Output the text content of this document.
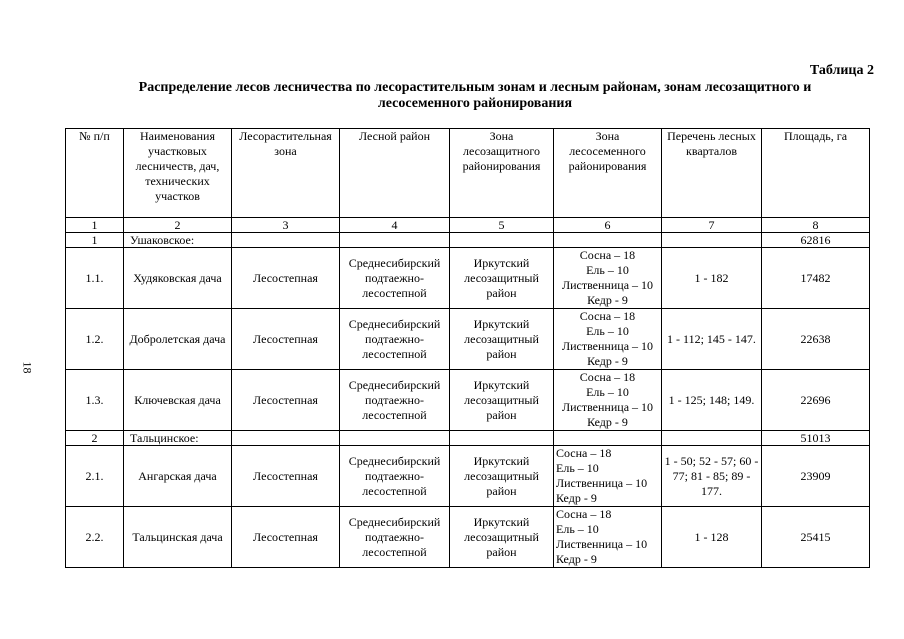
18
Таблица 2
Распределение лесов лесничества по лесорастительным зонам и лесным районам, зонам лесозащитного и лесосеменного районирования
№ п/п	Наименования участковых лесничеств, дач, технических участков	Лесорастительная зона	Лесной район	Зона лесозащитного районирования	Зона лесосеменного районирования	Перечень лесных кварталов	Площадь, га
1	2	3	4	5	6	7	8
1	Ушаковское:						62816
1.1.	Худяковская дача	Лесостепная	Среднесибирский подтаежно-лесостепной	Иркутский лесозащитный район	Сосна – 18
Ель – 10
Лиственница – 10
Кедр - 9	1 - 182	17482
1.2.	Добролетская дача	Лесостепная	Среднесибирский подтаежно-лесостепной	Иркутский лесозащитный район	Сосна – 18
Ель – 10
Лиственница – 10
Кедр - 9	1 - 112; 145 - 147.	22638
1.3.	Ключевская дача	Лесостепная	Среднесибирский подтаежно-лесостепной	Иркутский лесозащитный район	Сосна – 18
Ель – 10
Лиственница – 10
Кедр - 9	1 - 125; 148; 149.	22696
2	Тальцинское:						51013
2.1.	Ангарская дача	Лесостепная	Среднесибирский подтаежно-лесостепной	Иркутский лесозащитный район	Сосна – 18
Ель – 10
Лиственница – 10
Кедр - 9	1 - 50; 52 - 57; 60 - 77; 81 - 85; 89 - 177.	23909
2.2.	Тальцинская дача	Лесостепная	Среднесибирский подтаежно-лесостепной	Иркутский лесозащитный район	Сосна – 18
Ель – 10
Лиственница – 10
Кедр - 9	1 - 128	25415
